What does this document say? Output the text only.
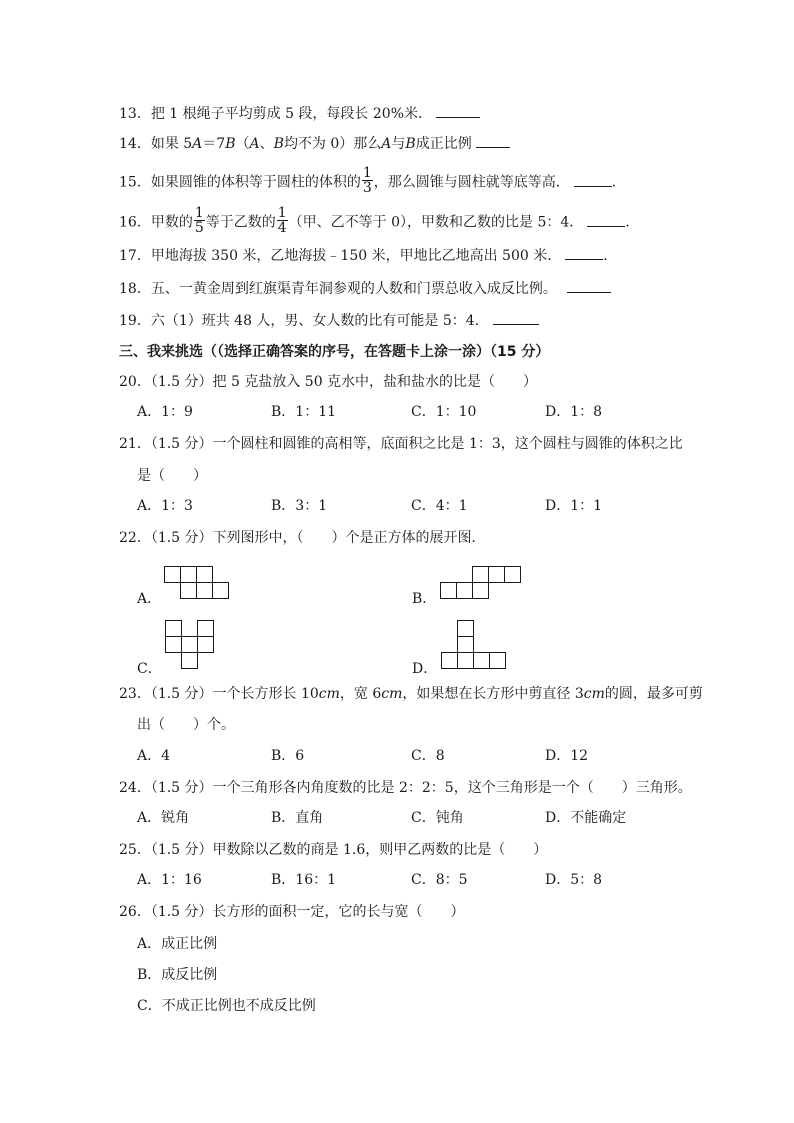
13．把 1 根绳子平均剪成 5 段，每段长 20%米．
14．如果 5A＝7B（A、B均不为 0）那么A与B成正比例
15．如果圆锥的体积等于圆柱的体积的 $\frac{1}{3}$ ，那么圆锥与圆柱就等底等高．	.
16．甲数的 $\frac{1}{5}$ 等于乙数的 $\frac{1}{4}$ （甲、乙不等于 0），甲数和乙数的比是 5：4．	.
17．甲地海拔 350 米，乙地海拔﹣150 米，甲地比乙地高出 500 米．	.
18．五、一黄金周到红旗渠青年洞参观的人数和门票总收入成反比例。
19．六（1）班共 48 人，男、女人数的比有可能是 5：4．
三、我来挑选（（选择正确答案的序号，在答题卡上涂一涂）（15 分）
20．（1.5 分）把 5 克盐放入 50 克水中，盐和盐水的比是（　　）
A．1：9	B．1：11	C．1：10	D．1：8
21．（1.5 分）一个圆柱和圆锥的高相等，底面积之比是 1：3，这个圆柱与圆锥的体积之比
是（　　）
A．1：3	B．3：1	C．4：1	D．1：1
22．（1.5 分）下列图形中，（　　）个是正方体的展开图．
A．	B．
C．	D．
23．（1.5 分）一个长方形长 10cm，宽 6cm，如果想在长方形中剪直径 3cm的圆，最多可剪
出（　　）个。
A．4	B．6	C．8	D．12
24．（1.5 分）一个三角形各内角度数的比是 2：2：5，这个三角形是一个（　　）三角形。
A．锐角	B．直角	C．钝角	D．不能确定
25．（1.5 分）甲数除以乙数的商是 1.6，则甲乙两数的比是（　　）
A．1：16	B．16：1	C．8：5	D．5：8
26．（1.5 分）长方形的面积一定，它的长与宽（　　）
A．成正比例
B．成反比例
C．不成正比例也不成反比例
